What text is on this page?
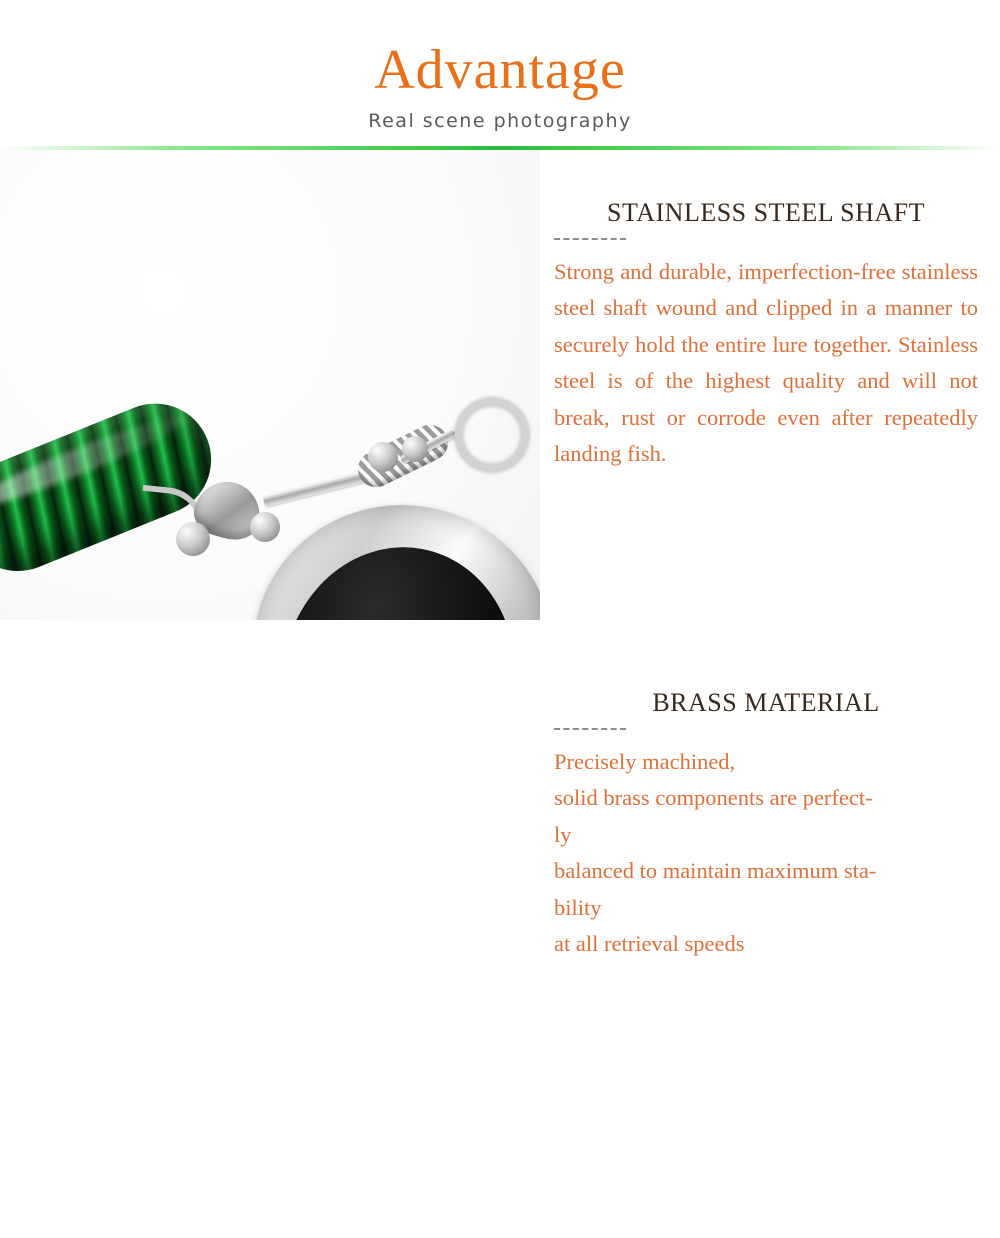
Advantage
Real scene photography
STAINLESS STEEL SHAFT
Strong and durable, imperfection-free stainless steel shaft wound and clipped in a manner to securely hold the entire lure together. Stainless steel is of the highest quality and will not break, rust or corrode even after repeatedly landing fish.
BRASS MATERIAL
Precisely machined,
solid brass components are perfect-
ly
balanced to maintain maximum sta-
bility
at all retrieval speeds
